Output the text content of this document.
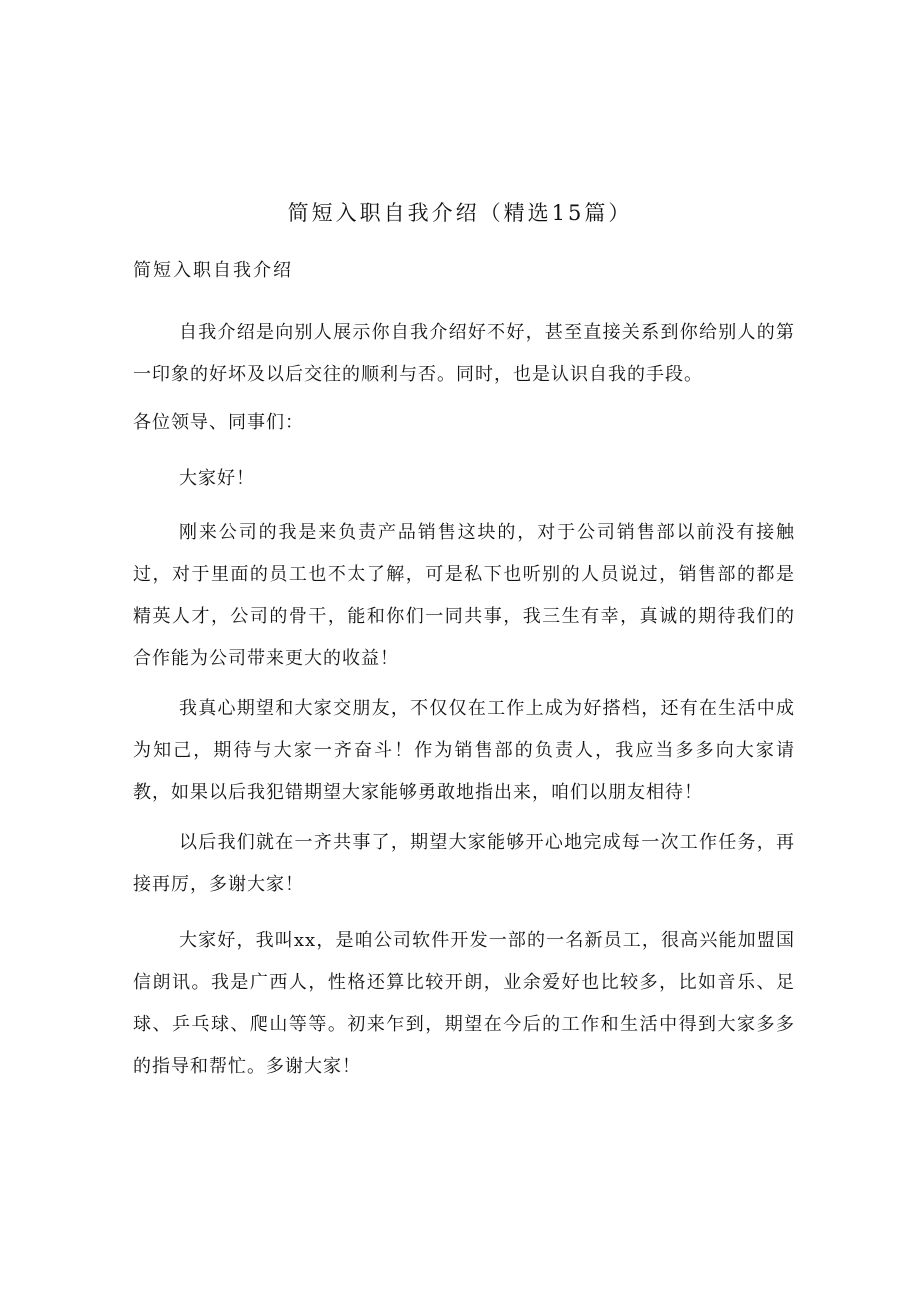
简短入职自我介绍（精选15篇）

简短入职自我介绍

自我介绍是向别人展示你自我介绍好不好，甚至直接关系到你给别人的第一印象的好坏及以后交往的顺利与否。同时，也是认识自我的手段。

各位领导、同事们：

大家好！

刚来公司的我是来负责产品销售这块的，对于公司销售部以前没有接触过，对于里面的员工也不太了解，可是私下也听别的人员说过，销售部的都是精英人才，公司的骨干，能和你们一同共事，我三生有幸，真诚的期待我们的合作能为公司带来更大的收益！

我真心期望和大家交朋友，不仅仅在工作上成为好搭档，还有在生活中成为知己，期待与大家一齐奋斗！作为销售部的负责人，我应当多多向大家请教，如果以后我犯错期望大家能够勇敢地指出来，咱们以朋友相待！

以后我们就在一齐共事了，期望大家能够开心地完成每一次工作任务，再接再厉，多谢大家！

大家好，我叫xx，是咱公司软件开发一部的一名新员工，很高兴能加盟国信朗讯。我是广西人，性格还算比较开朗，业余爱好也比较多，比如音乐、足球、乒乓球、爬山等等。初来乍到，期望在今后的工作和生活中得到大家多多的指导和帮忙。多谢大家！
